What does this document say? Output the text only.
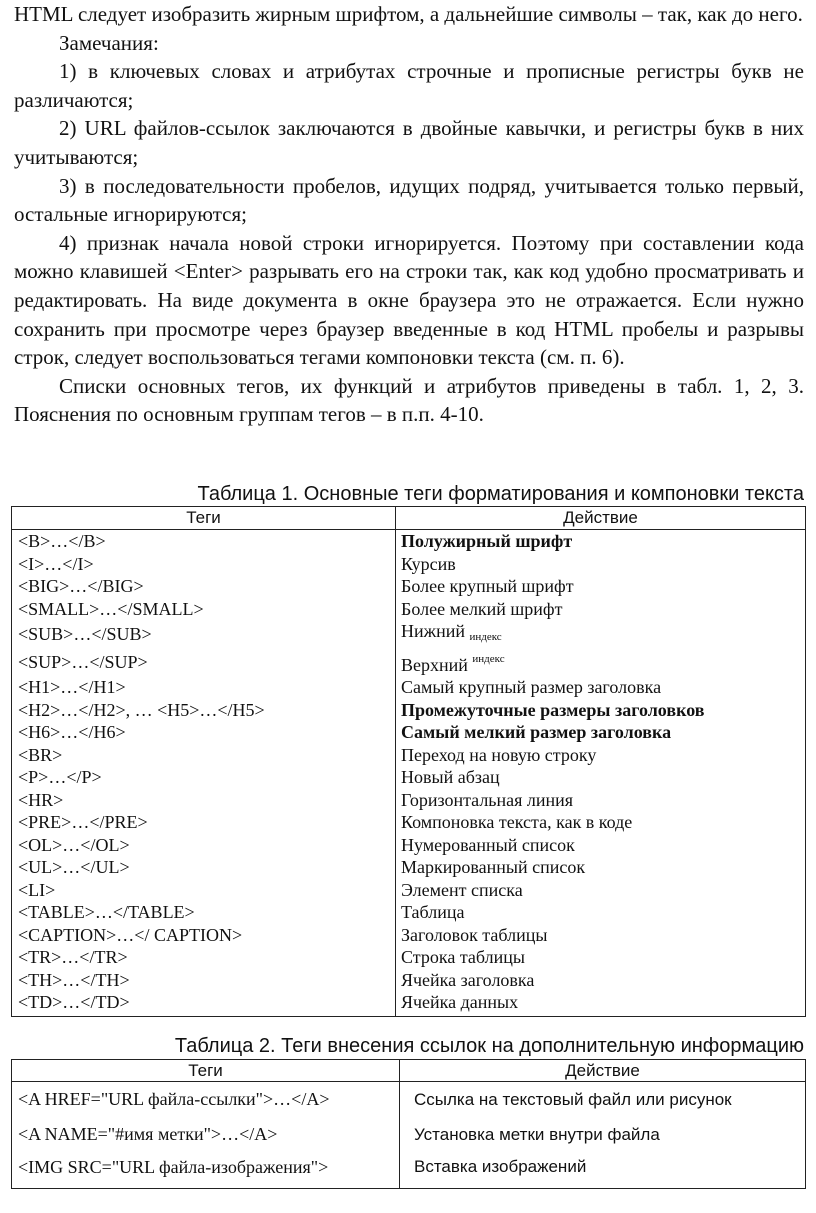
HTML следует изобразить жирным шрифтом, а дальнейшие символы – так, как до него.

Замечания:

1) в ключевых словах и атрибутах строчные и прописные регистры букв не различаются;

2) URL файлов-ссылок заключаются в двойные кавычки, и регистры букв в них учитываются;

3) в последовательности пробелов, идущих подряд, учитывается только первый, остальные игнорируются;

4) признак начала новой строки игнорируется. Поэтому при составлении кода можно клавишей <Enter> разрывать его на строки так, как код удобно просматривать и редактировать. На виде документа в окне браузера это не отражается. Если нужно сохранить при просмотре через браузер введенные в код HTML пробелы и разрывы строк, следует воспользоваться тегами компоновки текста (см. п. 6).

Списки основных тегов, их функций и атрибутов приведены в табл. 1, 2, 3. Пояснения по основным группам тегов – в п.п. 4-10.

Таблица 1. Основные теги форматирования и компоновки текста
Теги	Действие
<B>…</B>	Полужирный шрифт
<I>…</I>	Курсив
<BIG>…</BIG>	Более крупный шрифт
<SMALL>…</SMALL>	Более мелкий шрифт
<SUB>…</SUB>	Нижний $_{индекс}$
<SUP>…</SUP>	Верхний $^{индекс}$
<H1>…</H1>	Самый крупный размер заголовка
<H2>…</H2>, … <H5>…</H5>	Промежуточные размеры заголовков
<H6>…</H6>	Самый мелкий размер заголовка
<BR>	Переход на новую строку
<P>…</P>	Новый абзац
<HR>	Горизонтальная линия
<PRE>…</PRE>	Компоновка текста, как в коде
<OL>…</OL>	Нумерованный список
<UL>…</UL>	Маркированный список
<LI>	Элемент списка
<TABLE>…</TABLE>	Таблица
<CAPTION>…</ CAPTION>	Заголовок таблицы
<TR>…</TR>	Строка таблицы
<TH>…</TH>	Ячейка заголовка
<TD>…</TD>	Ячейка данных
Таблица 2. Теги внесения ссылок на дополнительную информацию
Теги	Действие
<A HREF="URL файла-ссылки">…</A>	Ссылка на текстовый файл или рисунок
<A NAME="#имя метки">…</A>	Установка метки внутри файла
<IMG SRC="URL файла-изображения">	Вставка изображений
